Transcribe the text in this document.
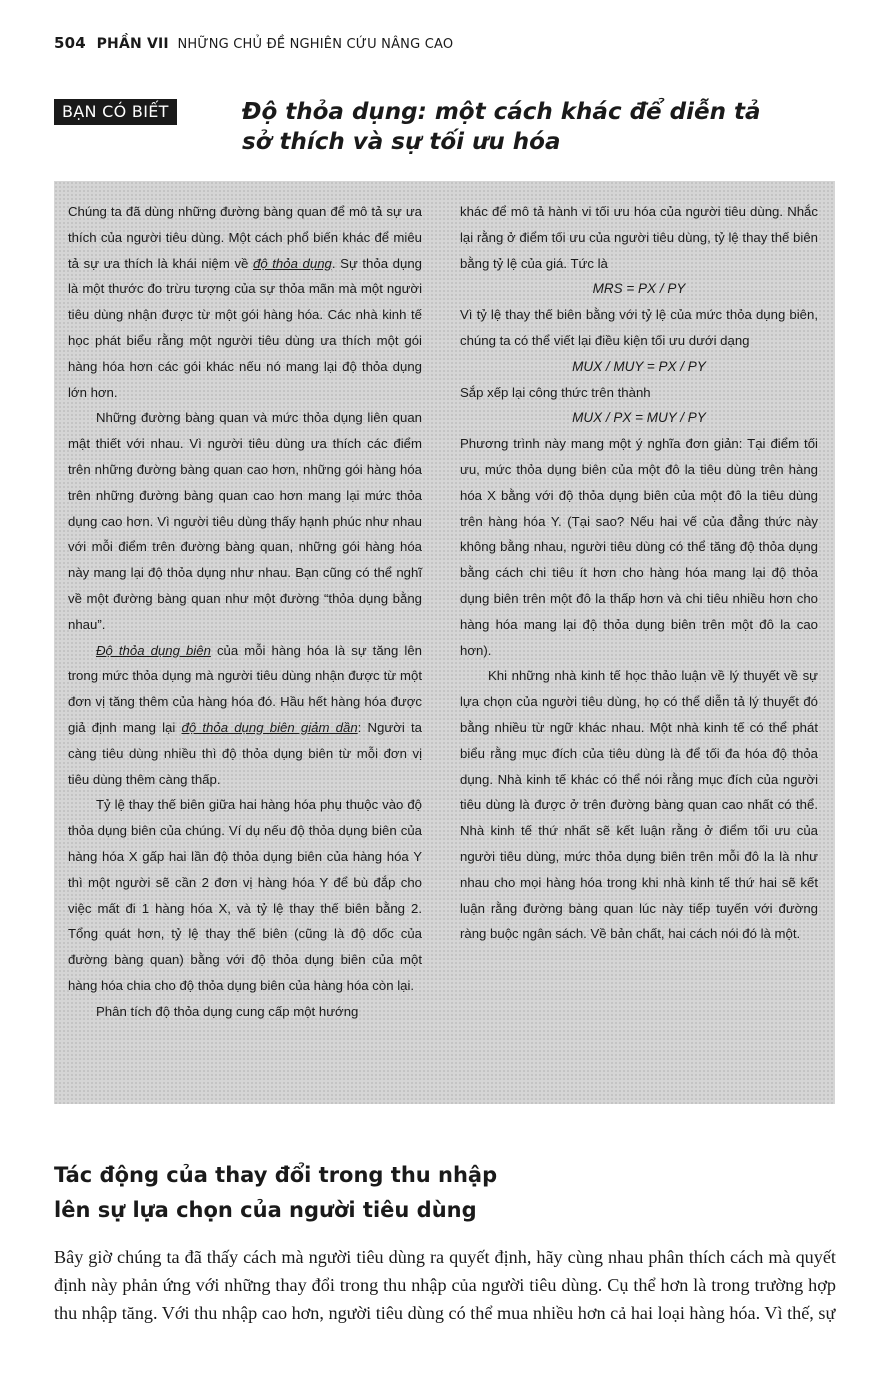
504 PHẦN VII NHỮNG CHỦ ĐỀ NGHIÊN CỨU NÂNG CAO
BẠN CÓ BIẾT	Độ thỏa dụng: một cách khác để diễn tả
sở thích và sự tối ưu hóa

Chúng ta đã dùng những đường bàng quan để mô tả sự ưa thích của người tiêu dùng. Một cách phổ biến khác để miêu tả sự ưa thích là khái niệm về độ thỏa dụng. Sự thỏa dụng là một thước đo trừu tượng của sự thỏa mãn mà một người tiêu dùng nhận được từ một gói hàng hóa. Các nhà kinh tế học phát biểu rằng một người tiêu dùng ưa thích một gói hàng hóa hơn các gói khác nếu nó mang lại độ thỏa dụng lớn hơn.

Những đường bàng quan và mức thỏa dụng liên quan mật thiết với nhau. Vì người tiêu dùng ưa thích các điểm trên những đường bàng quan cao hơn, những gói hàng hóa trên những đường bàng quan cao hơn mang lại mức thỏa dụng cao hơn. Vì người tiêu dùng thấy hạnh phúc như nhau với mỗi điểm trên đường bàng quan, những gói hàng hóa này mang lại độ thỏa dụng như nhau. Bạn cũng có thể nghĩ về một đường bàng quan như một đường “thỏa dụng bằng nhau”.

Độ thỏa dụng biên của mỗi hàng hóa là sự tăng lên trong mức thỏa dụng mà người tiêu dùng nhận được từ một đơn vị tăng thêm của hàng hóa đó. Hầu hết hàng hóa được giả định mang lại độ thỏa dụng biên giảm dần: Người ta càng tiêu dùng nhiều thì độ thỏa dụng biên từ mỗi đơn vị tiêu dùng thêm càng thấp.

Tỷ lệ thay thế biên giữa hai hàng hóa phụ thuộc vào độ thỏa dụng biên của chúng. Ví dụ nếu độ thỏa dụng biên của hàng hóa X gấp hai lần độ thỏa dụng biên của hàng hóa Y thì một người sẽ cần 2 đơn vị hàng hóa Y để bù đắp cho việc mất đi 1 hàng hóa X, và tỷ lệ thay thế biên bằng 2. Tổng quát hơn, tỷ lệ thay thế biên (cũng là độ dốc của đường bàng quan) bằng với độ thỏa dụng biên của một hàng hóa chia cho độ thỏa dụng biên của hàng hóa còn lại.

Phân tích độ thỏa dụng cung cấp một hướng

khác để mô tả hành vi tối ưu hóa của người tiêu dùng. Nhắc lại rằng ở điểm tối ưu của người tiêu dùng, tỷ lệ thay thế biên bằng tỷ lệ của giá. Tức là

MRS = PX / PY

Vì tỷ lệ thay thế biên bằng với tỷ lệ của mức thỏa dụng biên, chúng ta có thể viết lại điều kiện tối ưu dưới dạng

MUX / MUY = PX / PY

Sắp xếp lại công thức trên thành

MUX / PX = MUY / PY

Phương trình này mang một ý nghĩa đơn giản: Tại điểm tối ưu, mức thỏa dụng biên của một đô la tiêu dùng trên hàng hóa X bằng với độ thỏa dụng biên của một đô la tiêu dùng trên hàng hóa Y. (Tại sao? Nếu hai vế của đẳng thức này không bằng nhau, người tiêu dùng có thể tăng độ thỏa dụng bằng cách chi tiêu ít hơn cho hàng hóa mang lại độ thỏa dụng biên trên một đô la thấp hơn và chi tiêu nhiều hơn cho hàng hóa mang lại độ thỏa dụng biên trên một đô la cao hơn).

Khi những nhà kinh tế học thảo luận về lý thuyết về sự lựa chọn của người tiêu dùng, họ có thể diễn tả lý thuyết đó bằng nhiều từ ngữ khác nhau. Một nhà kinh tế có thể phát biểu rằng mục đích của tiêu dùng là để tối đa hóa độ thỏa dụng. Nhà kinh tế khác có thể nói rằng mục đích của người tiêu dùng là được ở trên đường bàng quan cao nhất có thể. Nhà kinh tế thứ nhất sẽ kết luận rằng ở điểm tối ưu của người tiêu dùng, mức thỏa dụng biên trên mỗi đô la là như nhau cho mọi hàng hóa trong khi nhà kinh tế thứ hai sẽ kết luận rằng đường bàng quan lúc này tiếp tuyến với đường ràng buộc ngân sách. Về bản chất, hai cách nói đó là một.

Tác động của thay đổi trong thu nhập
lên sự lựa chọn của người tiêu dùng
Bây giờ chúng ta đã thấy cách mà người tiêu dùng ra quyết định, hãy cùng nhau phân thích cách mà quyết định này phản ứng với những thay đổi trong thu nhập của người tiêu dùng. Cụ thể hơn là trong trường hợp thu nhập tăng. Với thu nhập cao hơn, người tiêu dùng có thể mua nhiều hơn cả hai loại hàng hóa. Vì thế, sự
